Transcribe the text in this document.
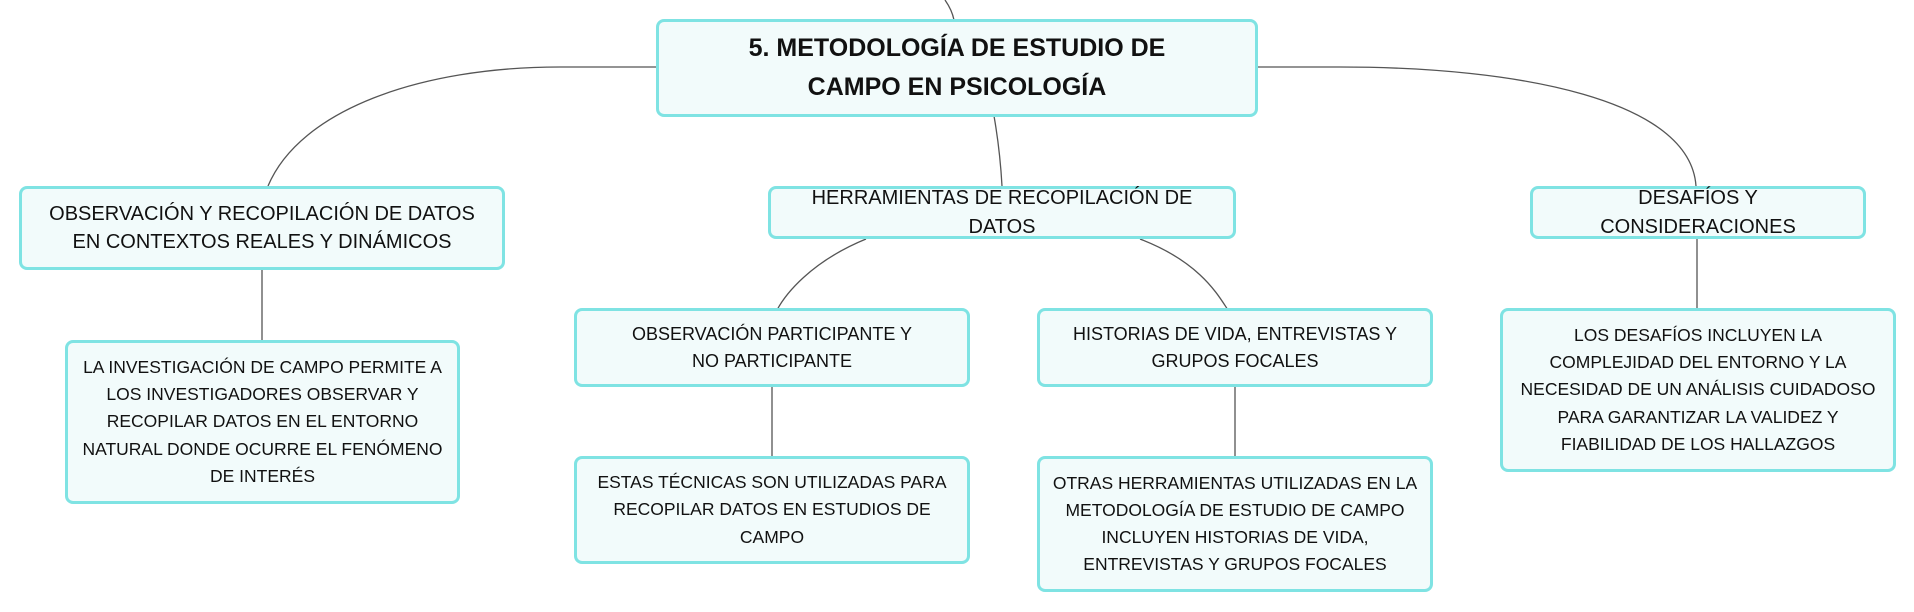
5. METODOLOGÍA DE ESTUDIO DE CAMPO EN PSICOLOGÍA
OBSERVACIÓN Y RECOPILACIÓN DE DATOS EN CONTEXTOS REALES Y DINÁMICOS
HERRAMIENTAS DE RECOPILACIÓN DE DATOS
DESAFÍOS Y CONSIDERACIONES
LA INVESTIGACIÓN DE CAMPO PERMITE A LOS INVESTIGADORES OBSERVAR Y RECOPILAR DATOS EN EL ENTORNO NATURAL DONDE OCURRE EL FENÓMENO DE INTERÉS
OBSERVACIÓN PARTICIPANTE Y NO PARTICIPANTE
HISTORIAS DE VIDA, ENTREVISTAS Y GRUPOS FOCALES
ESTAS TÉCNICAS SON UTILIZADAS PARA RECOPILAR DATOS EN ESTUDIOS DE CAMPO
OTRAS HERRAMIENTAS UTILIZADAS EN LA METODOLOGÍA DE ESTUDIO DE CAMPO INCLUYEN HISTORIAS DE VIDA, ENTREVISTAS Y GRUPOS FOCALES
LOS DESAFÍOS INCLUYEN LA COMPLEJIDAD DEL ENTORNO Y LA NECESIDAD DE UN ANÁLISIS CUIDADOSO PARA GARANTIZAR LA VALIDEZ Y FIABILIDAD DE LOS HALLAZGOS
